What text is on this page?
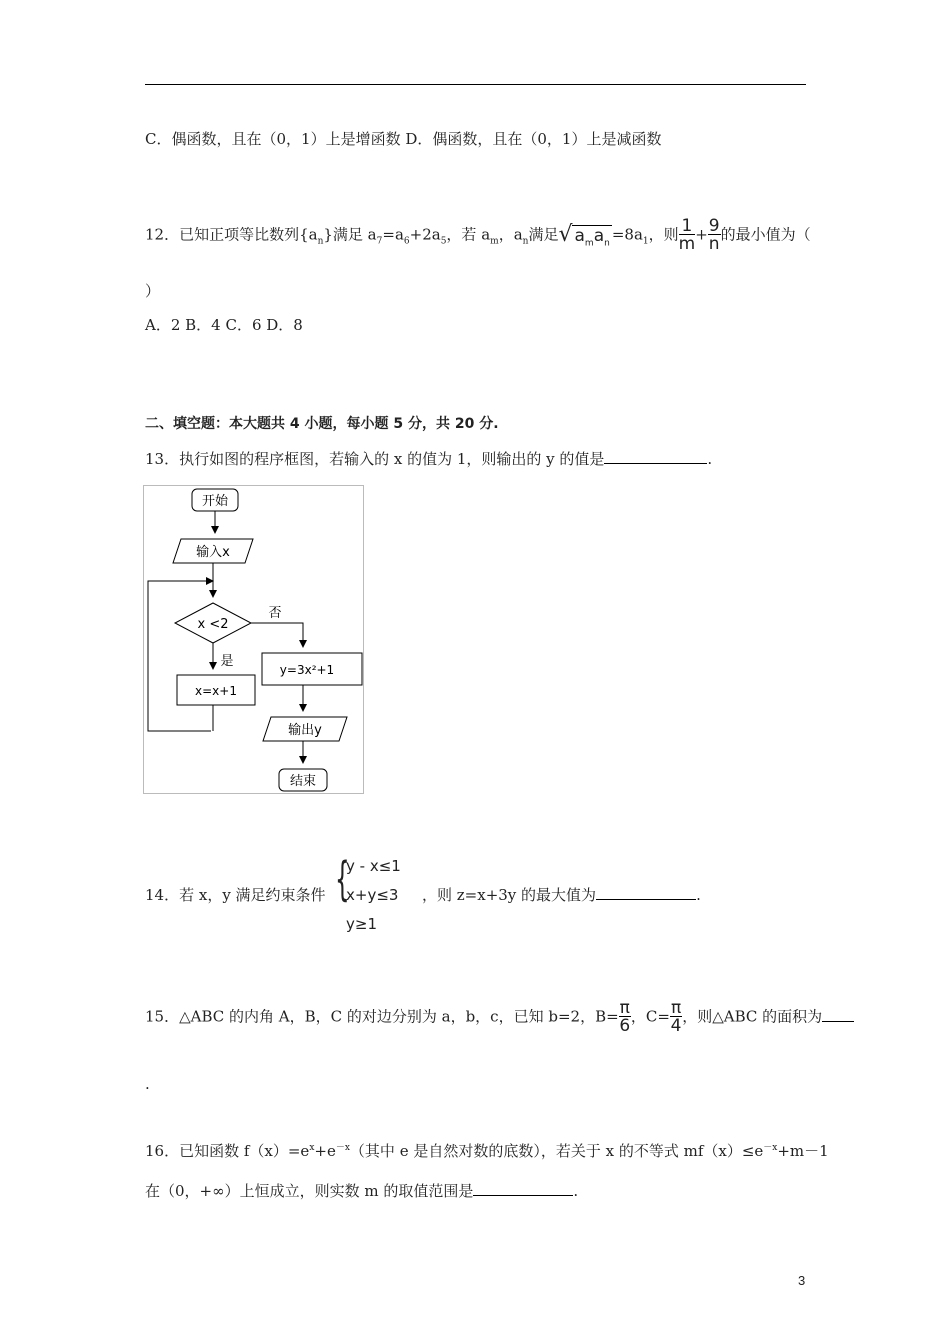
C．偶函数，且在（0，1）上是增函数 D．偶函数，且在（0，1）上是减函数
12．已知正项等比数列$\{a_n\}$满足 $a_7=a_6+2a_5$，若 $a_m$，$a_n$满足√ $a_ma_n=8a_1$，则 $\frac{1}{m} + \frac{9}{n}$ 的最小值为（
）
A．2 B．4 C．6 D．8
二、填空题：本大题共 4 小题，每小题 5 分，共 20 分.
13．执行如图的程序框图，若输入的 x 的值为 1，则输出的 y 的值是	.
开始
输入x
x <2
否
是
x=x+1
y=3x²+1
输出y
结束
14．若 x，y 满足约束条件 {
y - x≤1
x+y≤3
y≥1
，则 z=x+3y 的最大值为	.
15．△ABC 的内角 A，B，C 的对边分别为 a，b，c，已知 b=2，$B= \frac{\pi}{6}$ ，$C= \frac{\pi}{4}$ ，则△ABC 的面积为
.
16．已知函数 $f(x)=e^x+e^{-x}$（其中 e 是自然对数的底数），若关于 x 的不等式 $mf(x)\le e^{-x}+m-1$
在（0，+∞）上恒成立，则实数 m 的取值范围是	.
3
